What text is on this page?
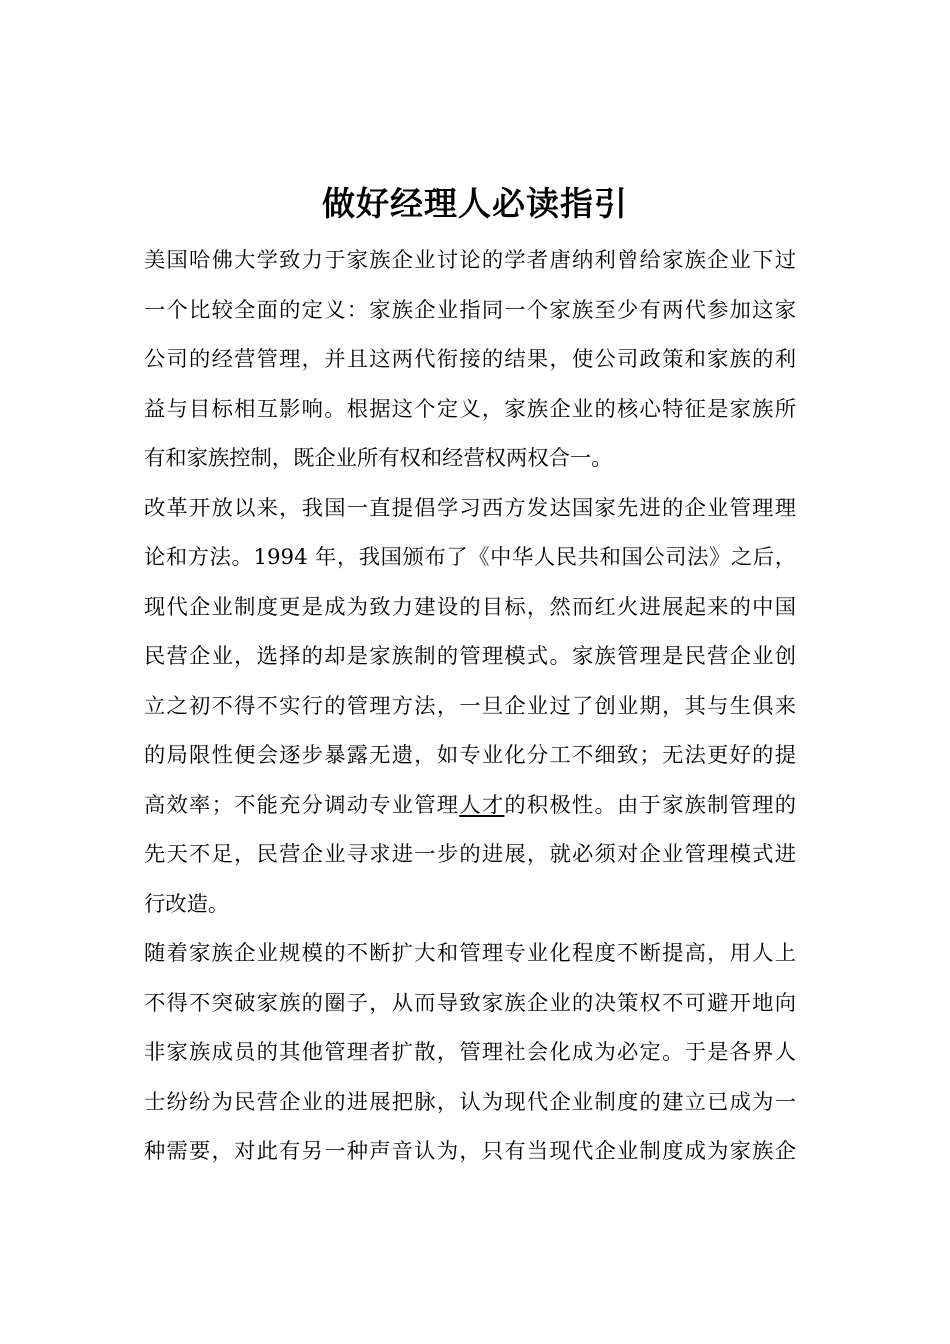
做好经理人必读指引
美国哈佛大学致力于家族企业讨论的学者唐纳利曾给家族企业下过
一个比较全面的定义：家族企业指同一个家族至少有两代参加这家
公司的经营管理，并且这两代衔接的结果，使公司政策和家族的利
益与目标相互影响。根据这个定义，家族企业的核心特征是家族所
有和家族控制，既企业所有权和经营权两权合一。
改革开放以来，我国一直提倡学习西方发达国家先进的企业管理理
论和方法。1994 年，我国颁布了《中华人民共和国公司法》之后，
现代企业制度更是成为致力建设的目标，然而红火进展起来的中国
民营企业，选择的却是家族制的管理模式。家族管理是民营企业创
立之初不得不实行的管理方法，一旦企业过了创业期，其与生俱来
的局限性便会逐步暴露无遗，如专业化分工不细致；无法更好的提
高效率；不能充分调动专业管理人才的积极性。由于家族制管理的
先天不足，民营企业寻求进一步的进展，就必须对企业管理模式进
行改造。
随着家族企业规模的不断扩大和管理专业化程度不断提高，用人上
不得不突破家族的圈子，从而导致家族企业的决策权不可避开地向
非家族成员的其他管理者扩散，管理社会化成为必定。于是各界人
士纷纷为民营企业的进展把脉，认为现代企业制度的建立已成为一
种需要，对此有另一种声音认为，只有当现代企业制度成为家族企
